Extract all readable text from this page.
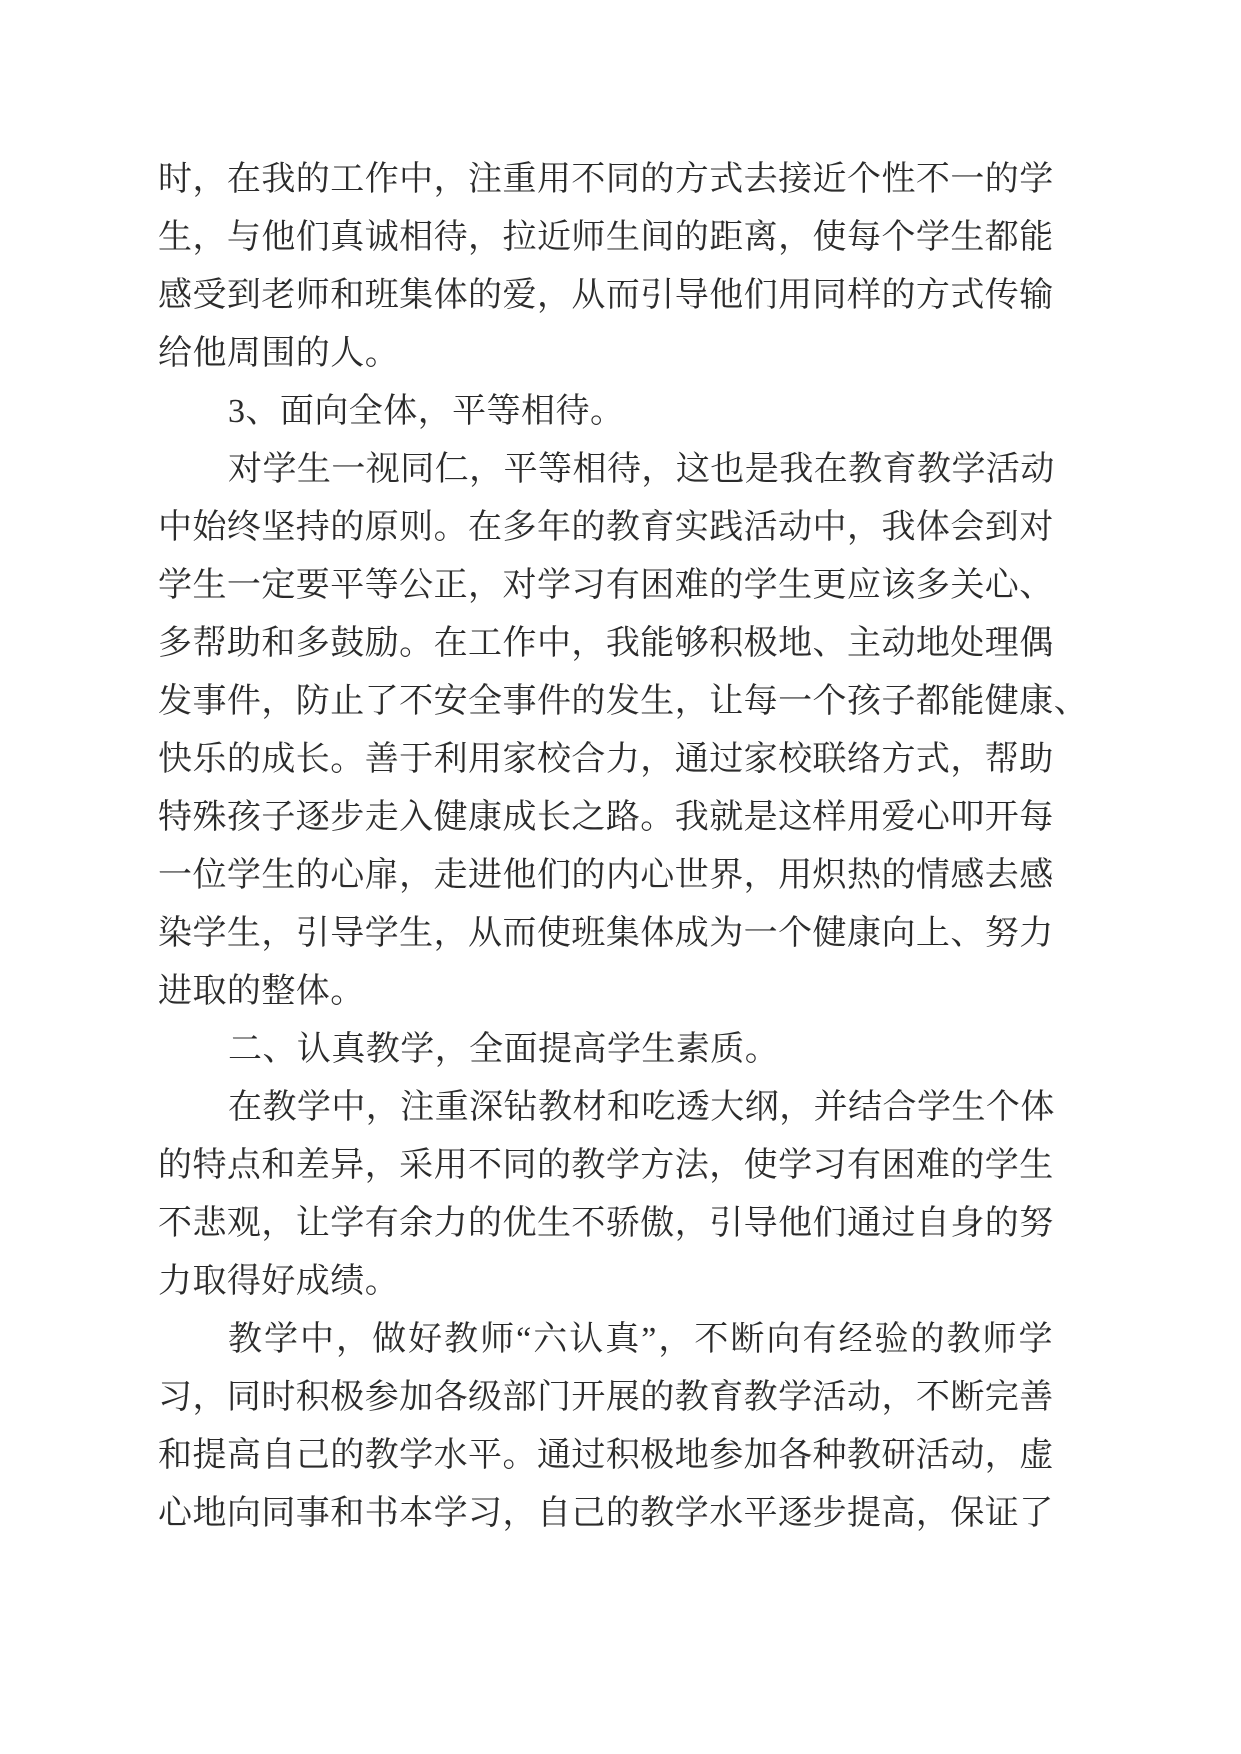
时，在我的工作中，注重用不同的方式去接近个性不一的学
生，与他们真诚相待，拉近师生间的距离，使每个学生都能
感受到老师和班集体的爱，从而引导他们用同样的方式传输
给他周围的人。
3、面向全体，平等相待。
对学生一视同仁，平等相待，这也是我在教育教学活动
中始终坚持的原则。在多年的教育实践活动中，我体会到对
学生一定要平等公正，对学习有困难的学生更应该多关心、
多帮助和多鼓励。在工作中，我能够积极地、主动地处理偶
发事件，防止了不安全事件的发生，让每一个孩子都能健康、
快乐的成长。善于利用家校合力，通过家校联络方式，帮助
特殊孩子逐步走入健康成长之路。我就是这样用爱心叩开每
一位学生的心扉，走进他们的内心世界，用炽热的情感去感
染学生，引导学生，从而使班集体成为一个健康向上、努力
进取的整体。
二、认真教学，全面提高学生素质。
在教学中，注重深钻教材和吃透大纲，并结合学生个体
的特点和差异，采用不同的教学方法，使学习有困难的学生
不悲观，让学有余力的优生不骄傲，引导他们通过自身的努
力取得好成绩。
教学中，做好教师“六认真”，不断向有经验的教师学
习，同时积极参加各级部门开展的教育教学活动，不断完善
和提高自己的教学水平。通过积极地参加各种教研活动，虚
心地向同事和书本学习，自己的教学水平逐步提高，保证了
